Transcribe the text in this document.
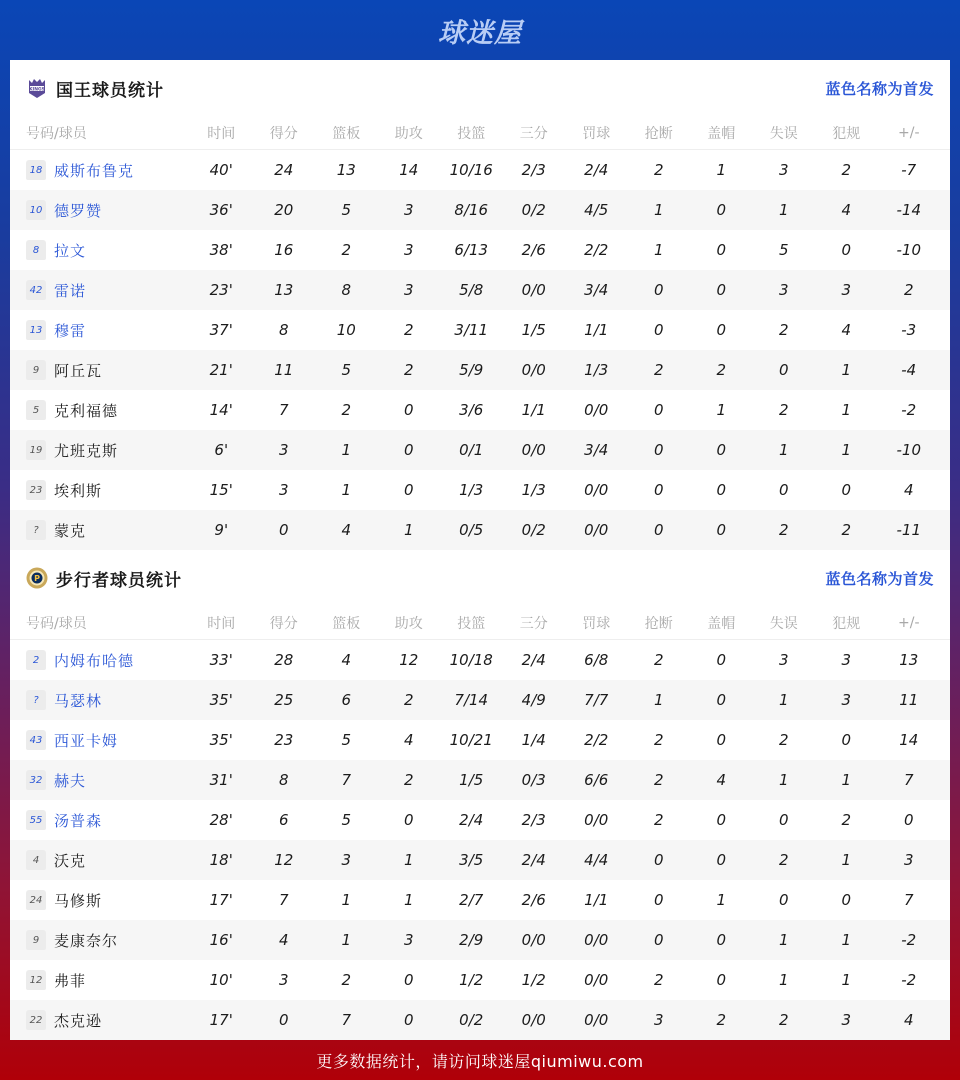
球迷屋
KINGS 国王球员统计	蓝色名称为首发
号码/球员	时间	得分	篮板	助攻	投篮	三分	罚球	抢断	盖帽	失误	犯规	+/-
18 威斯布鲁克	40'	24	13	14	10/16	2/3	2/4	2	1	3	2	-7
10 德罗赞	36'	20	5	3	8/16	0/2	4/5	1	0	1	4	-14
8 拉文	38'	16	2	3	6/13	2/6	2/2	1	0	5	0	-10
42 雷诺	23'	13	8	3	5/8	0/0	3/4	0	0	3	3	2
13 穆雷	37'	8	10	2	3/11	1/5	1/1	0	0	2	4	-3
9 阿丘瓦	21'	11	5	2	5/9	0/0	1/3	2	2	0	1	-4
5 克利福德	14'	7	2	0	3/6	1/1	0/0	0	1	2	1	-2
19 尤班克斯	6'	3	1	0	0/1	0/0	3/4	0	0	1	1	-10
23 埃利斯	15'	3	1	0	1/3	1/3	0/0	0	0	0	0	4
?	蒙克	9'	0	4	1	0/5	0/2	0/0	0	0	2	2	-11
P 步行者球员统计	蓝色名称为首发
号码/球员	时间	得分	篮板	助攻	投篮	三分	罚球	抢断	盖帽	失误	犯规	+/-
2 内姆布哈德	33'	28	4	12	10/18	2/4	6/8	2	0	3	3	13
?	马瑟林	35'	25	6	2	7/14	4/9	7/7	1	0	1	3	11
43 西亚卡姆	35'	23	5	4	10/21	1/4	2/2	2	0	2	0	14
32 赫夫	31'	8	7	2	1/5	0/3	6/6	2	4	1	1	7
55 汤普森	28'	6	5	0	2/4	2/3	0/0	2	0	0	2	0
4 沃克	18'	12	3	1	3/5	2/4	4/4	0	0	2	1	3
24 马修斯	17'	7	1	1	2/7	2/6	1/1	0	1	0	0	7
9 麦康奈尔	16'	4	1	3	2/9	0/0	0/0	0	0	1	1	-2
12 弗菲	10'	3	2	0	1/2	1/2	0/0	2	0	1	1	-2
22 杰克逊	17'	0	7	0	0/2	0/0	0/0	3	2	2	3	4
更多数据统计，请访问球迷屋qiumiwu.com
